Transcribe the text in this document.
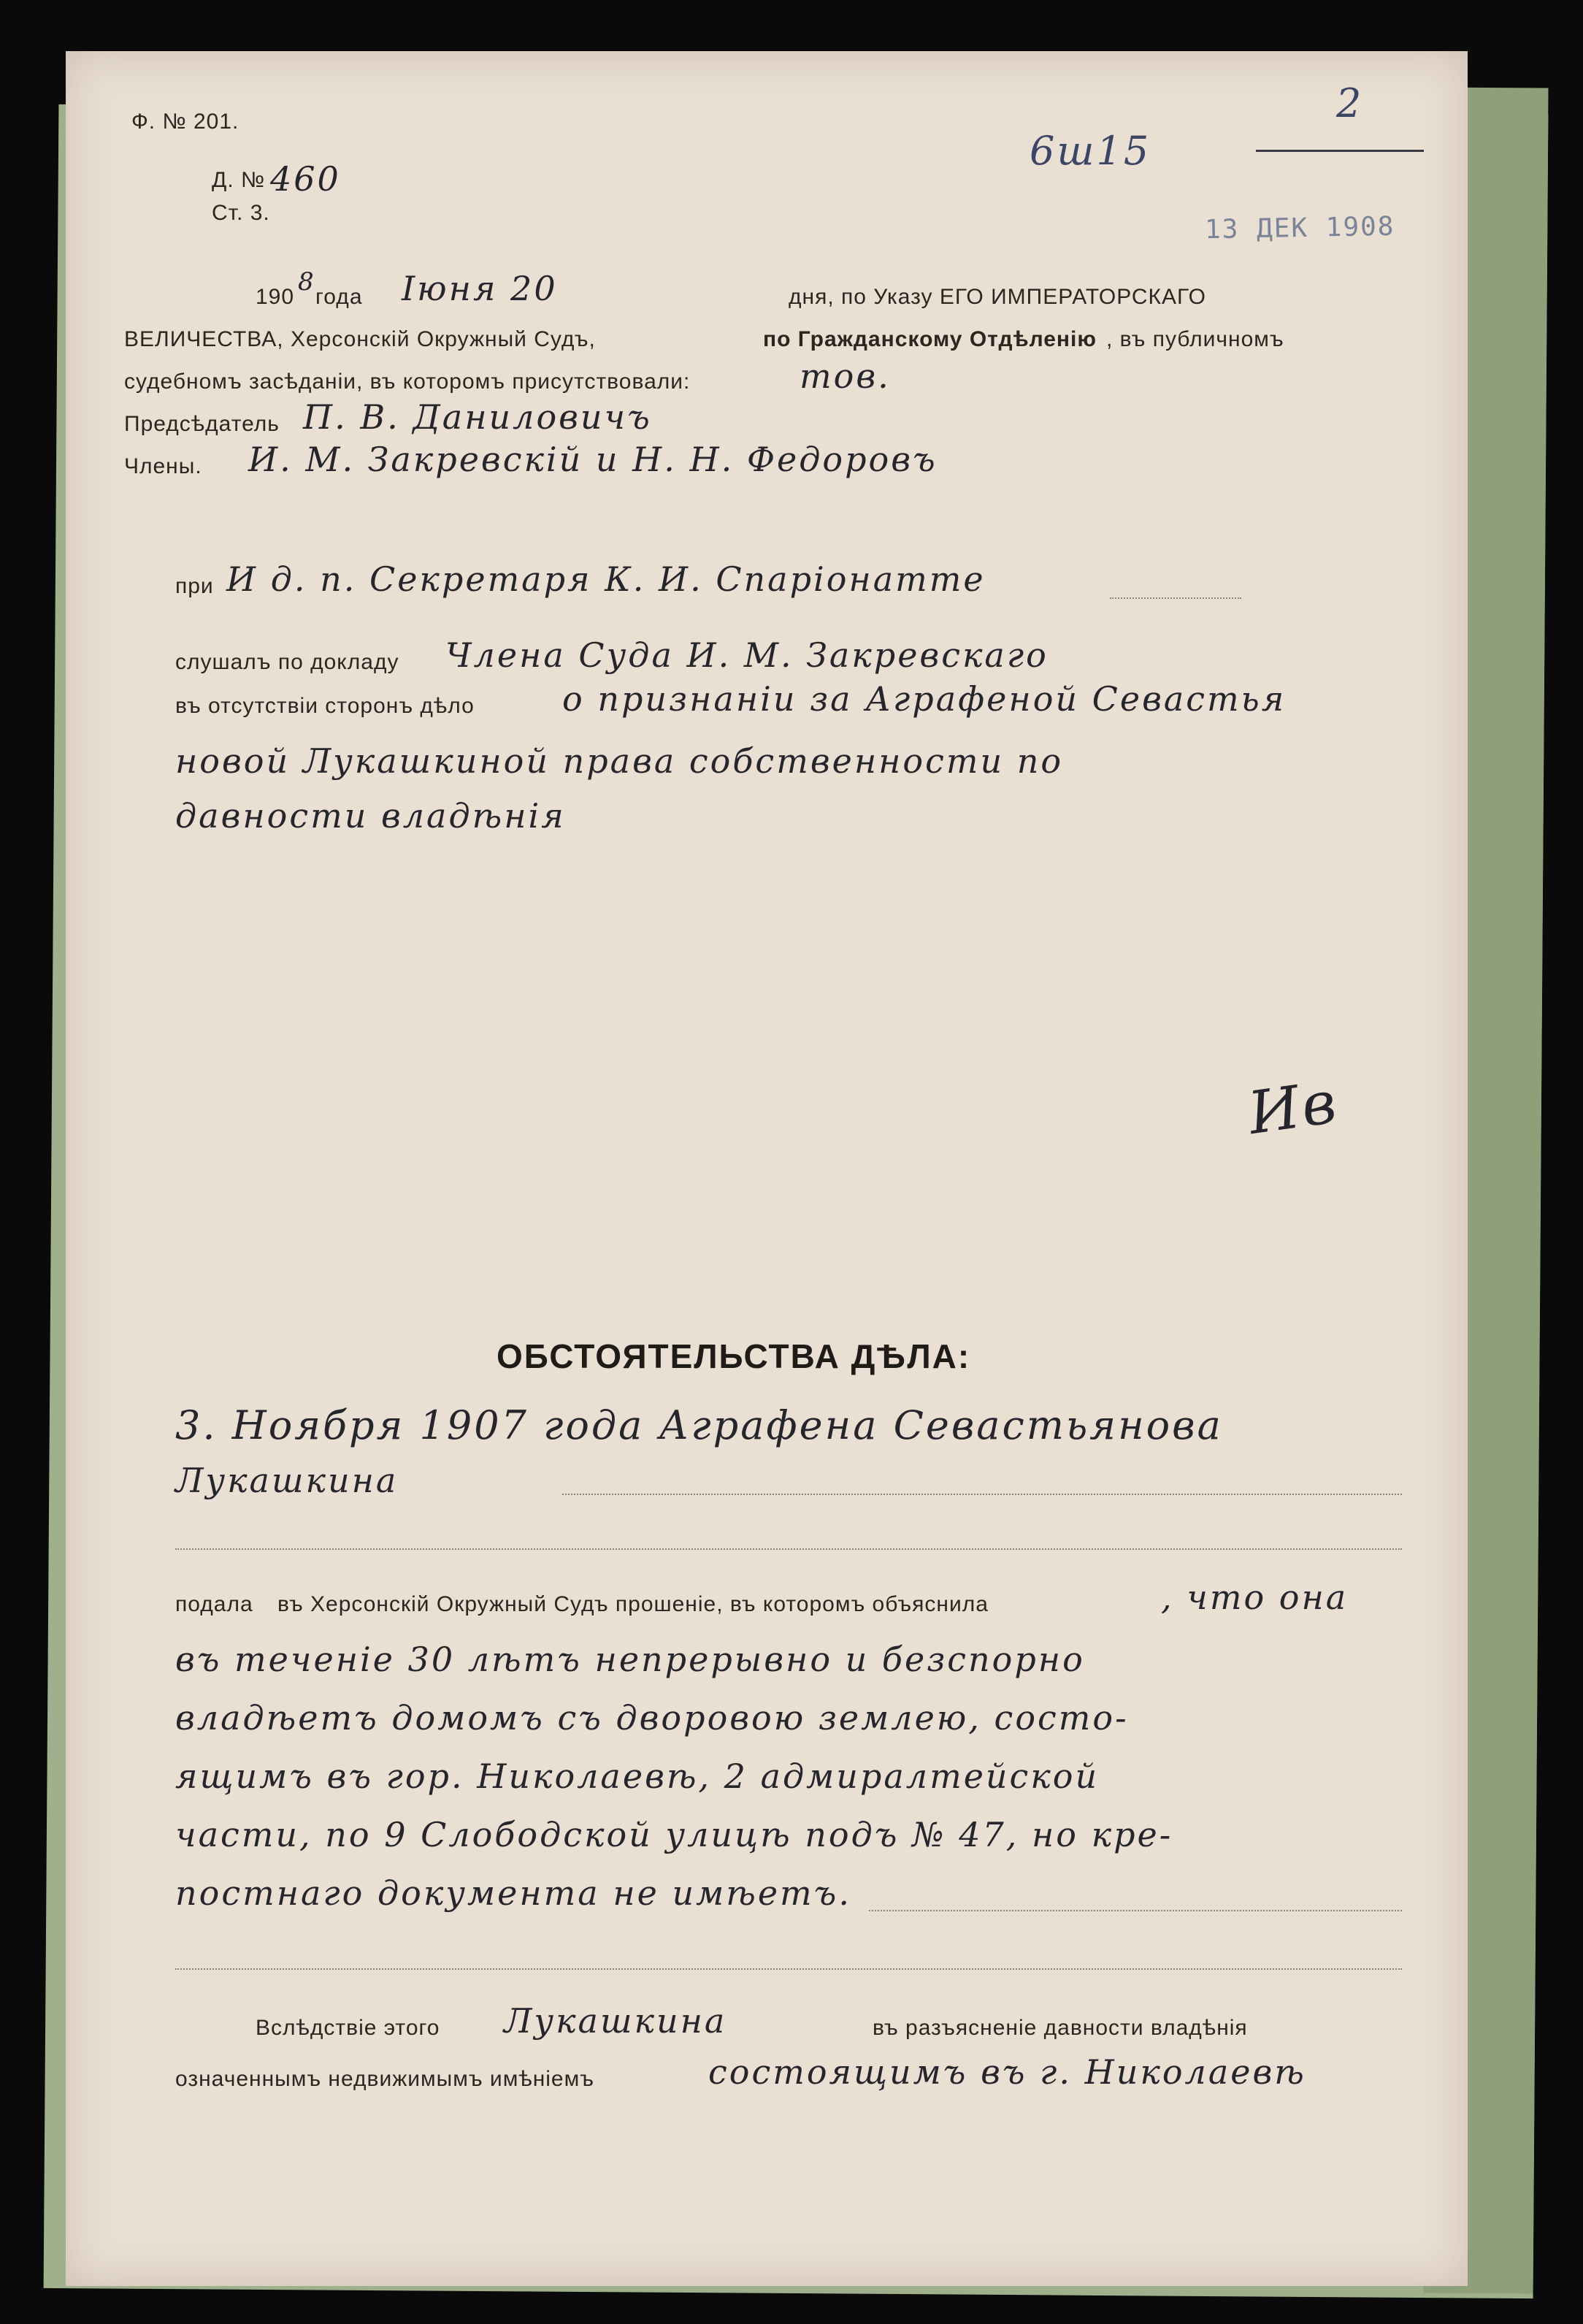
Ф. № 201.
Д. № 460
Ст. 3.
6ш15
13 ДЕК 1908
2
190
8
года Іюня 20	дня, по Указу ЕГО ИМПЕРАТОРСКАГО
ВЕЛИЧЕСТВА, Херсонскій Окружный Судъ,	по Гражданскому Отдѣленію , въ публичномъ
судебномъ засѣданіи, въ которомъ присутствовали:	тов.
Предсѣдатель П. В. Даниловичъ
Члены. И. М. Закревскій и Н. Н. Федоровъ
при И д. п. Секретаря К. И. Спаріонатте
слушалъ по докладу Члена Суда И. М. Закревскаго
въ отсутствіи сторонъ дѣло	о признаніи за Аграфеной Севастья
новой Лукашкиной права собственности по
давности владѣнія
Ив
ОБСТОЯТЕЛЬСТВА ДѢЛА:
3. Ноября 1907 года Аграфена Севастьянова
Лукашкина
подала въ Херсонскій Окружный Судъ прошеніе, въ которомъ объяснила	, что она
въ теченіе 30 лѣтъ непрерывно и безспорно
владѣетъ домомъ съ дворовою землею, состо-
ящимъ въ гор. Николаевѣ, 2 адмиралтейской
части, по 9 Слободской улицѣ подъ № 47, но кре-
постнаго документа не имѣетъ.
Вслѣдствіе этого Лукашкина	въ разъясненіе давности владѣнія
означеннымъ недвижимымъ имѣніемъ	состоящимъ въ г. Николаевѣ
